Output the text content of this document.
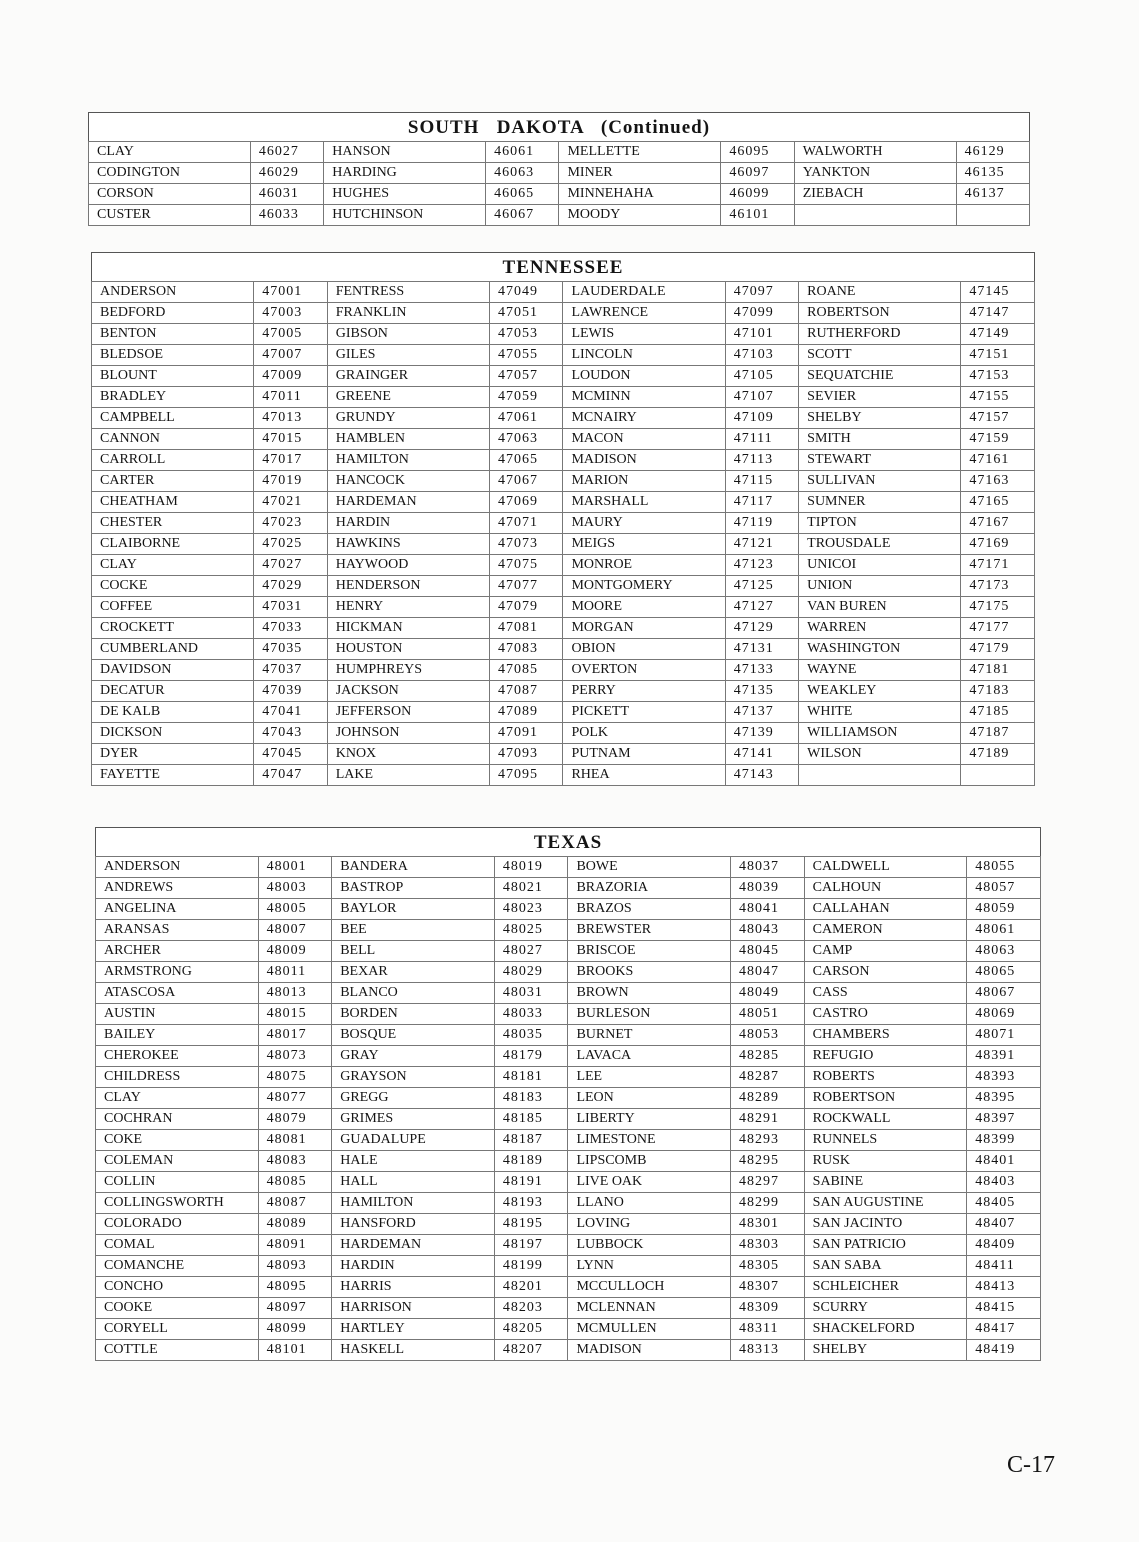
SOUTH   DAKOTA   (Continued)							
CLAY	46027	HANSON	46061	MELLETTE	46095	WALWORTH	46129
CODINGTON	46029	HARDING	46063	MINER	46097	YANKTON	46135
CORSON	46031	HUGHES	46065	MINNEHAHA	46099	ZIEBACH	46137
CUSTER	46033	HUTCHINSON	46067	MOODY	46101		
TENNESSEE							
ANDERSON	47001	FENTRESS	47049	LAUDERDALE	47097	ROANE	47145
BEDFORD	47003	FRANKLIN	47051	LAWRENCE	47099	ROBERTSON	47147
BENTON	47005	GIBSON	47053	LEWIS	47101	RUTHERFORD	47149
BLEDSOE	47007	GILES	47055	LINCOLN	47103	SCOTT	47151
BLOUNT	47009	GRAINGER	47057	LOUDON	47105	SEQUATCHIE	47153
BRADLEY	47011	GREENE	47059	MCMINN	47107	SEVIER	47155
CAMPBELL	47013	GRUNDY	47061	MCNAIRY	47109	SHELBY	47157
CANNON	47015	HAMBLEN	47063	MACON	47111	SMITH	47159
CARROLL	47017	HAMILTON	47065	MADISON	47113	STEWART	47161
CARTER	47019	HANCOCK	47067	MARION	47115	SULLIVAN	47163
CHEATHAM	47021	HARDEMAN	47069	MARSHALL	47117	SUMNER	47165
CHESTER	47023	HARDIN	47071	MAURY	47119	TIPTON	47167
CLAIBORNE	47025	HAWKINS	47073	MEIGS	47121	TROUSDALE	47169
CLAY	47027	HAYWOOD	47075	MONROE	47123	UNICOI	47171
COCKE	47029	HENDERSON	47077	MONTGOMERY	47125	UNION	47173
COFFEE	47031	HENRY	47079	MOORE	47127	VAN BUREN	47175
CROCKETT	47033	HICKMAN	47081	MORGAN	47129	WARREN	47177
CUMBERLAND	47035	HOUSTON	47083	OBION	47131	WASHINGTON	47179
DAVIDSON	47037	HUMPHREYS	47085	OVERTON	47133	WAYNE	47181
DECATUR	47039	JACKSON	47087	PERRY	47135	WEAKLEY	47183
DE KALB	47041	JEFFERSON	47089	PICKETT	47137	WHITE	47185
DICKSON	47043	JOHNSON	47091	POLK	47139	WILLIAMSON	47187
DYER	47045	KNOX	47093	PUTNAM	47141	WILSON	47189
FAYETTE	47047	LAKE	47095	RHEA	47143		
TEXAS							
ANDERSON	48001	BANDERA	48019	BOWE	48037	CALDWELL	48055
ANDREWS	48003	BASTROP	48021	BRAZORIA	48039	CALHOUN	48057
ANGELINA	48005	BAYLOR	48023	BRAZOS	48041	CALLAHAN	48059
ARANSAS	48007	BEE	48025	BREWSTER	48043	CAMERON	48061
ARCHER	48009	BELL	48027	BRISCOE	48045	CAMP	48063
ARMSTRONG	48011	BEXAR	48029	BROOKS	48047	CARSON	48065
ATASCOSA	48013	BLANCO	48031	BROWN	48049	CASS	48067
AUSTIN	48015	BORDEN	48033	BURLESON	48051	CASTRO	48069
BAILEY	48017	BOSQUE	48035	BURNET	48053	CHAMBERS	48071
CHEROKEE	48073	GRAY	48179	LAVACA	48285	REFUGIO	48391
CHILDRESS	48075	GRAYSON	48181	LEE	48287	ROBERTS	48393
CLAY	48077	GREGG	48183	LEON	48289	ROBERTSON	48395
COCHRAN	48079	GRIMES	48185	LIBERTY	48291	ROCKWALL	48397
COKE	48081	GUADALUPE	48187	LIMESTONE	48293	RUNNELS	48399
COLEMAN	48083	HALE	48189	LIPSCOMB	48295	RUSK	48401
COLLIN	48085	HALL	48191	LIVE OAK	48297	SABINE	48403
COLLINGSWORTH	48087	HAMILTON	48193	LLANO	48299	SAN AUGUSTINE	48405
COLORADO	48089	HANSFORD	48195	LOVING	48301	SAN JACINTO	48407
COMAL	48091	HARDEMAN	48197	LUBBOCK	48303	SAN PATRICIO	48409
COMANCHE	48093	HARDIN	48199	LYNN	48305	SAN SABA	48411
CONCHO	48095	HARRIS	48201	MCCULLOCH	48307	SCHLEICHER	48413
COOKE	48097	HARRISON	48203	MCLENNAN	48309	SCURRY	48415
CORYELL	48099	HARTLEY	48205	MCMULLEN	48311	SHACKELFORD	48417
COTTLE	48101	HASKELL	48207	MADISON	48313	SHELBY	48419
C-17
